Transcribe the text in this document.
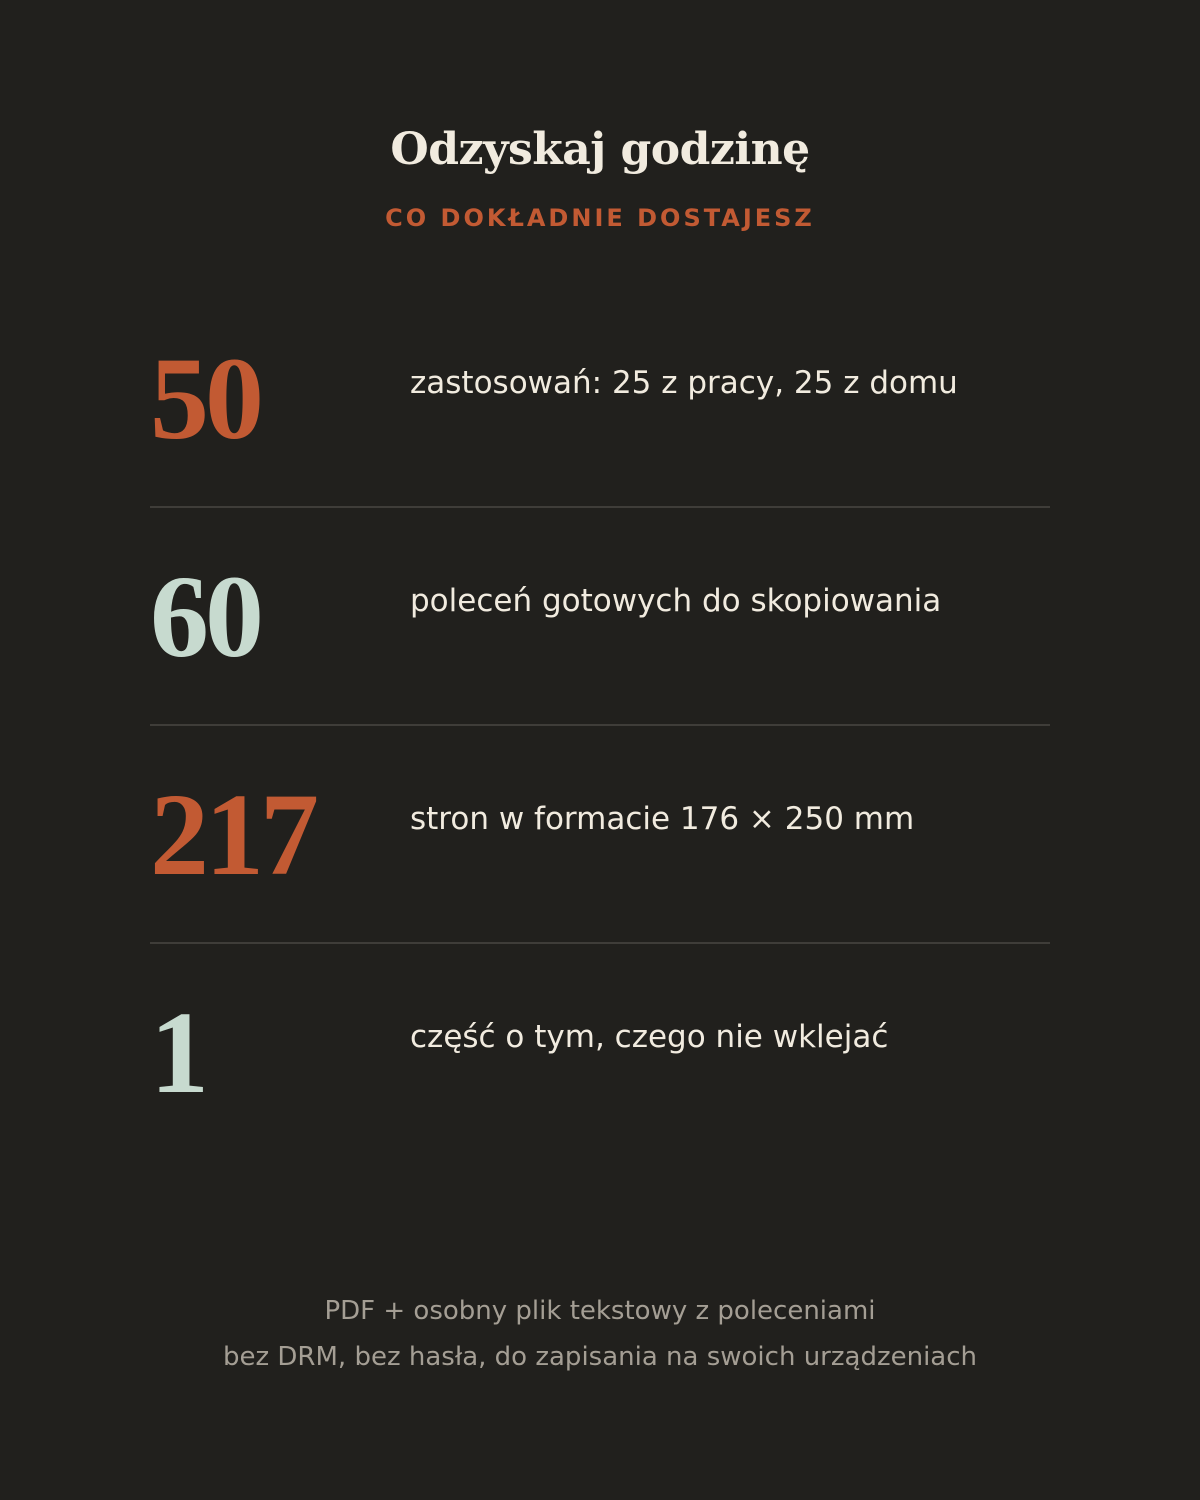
Odzyskaj godzinę
CO DOKŁADNIE DOSTAJESZ
50	zastosowań: 25 z pracy, 25 z domu
60	poleceń gotowych do skopiowania
217	stron w formacie 176 × 250 mm
1	część o tym, czego nie wklejać
PDF + osobny plik tekstowy z poleceniami
bez DRM, bez hasła, do zapisania na swoich urządzeniach
